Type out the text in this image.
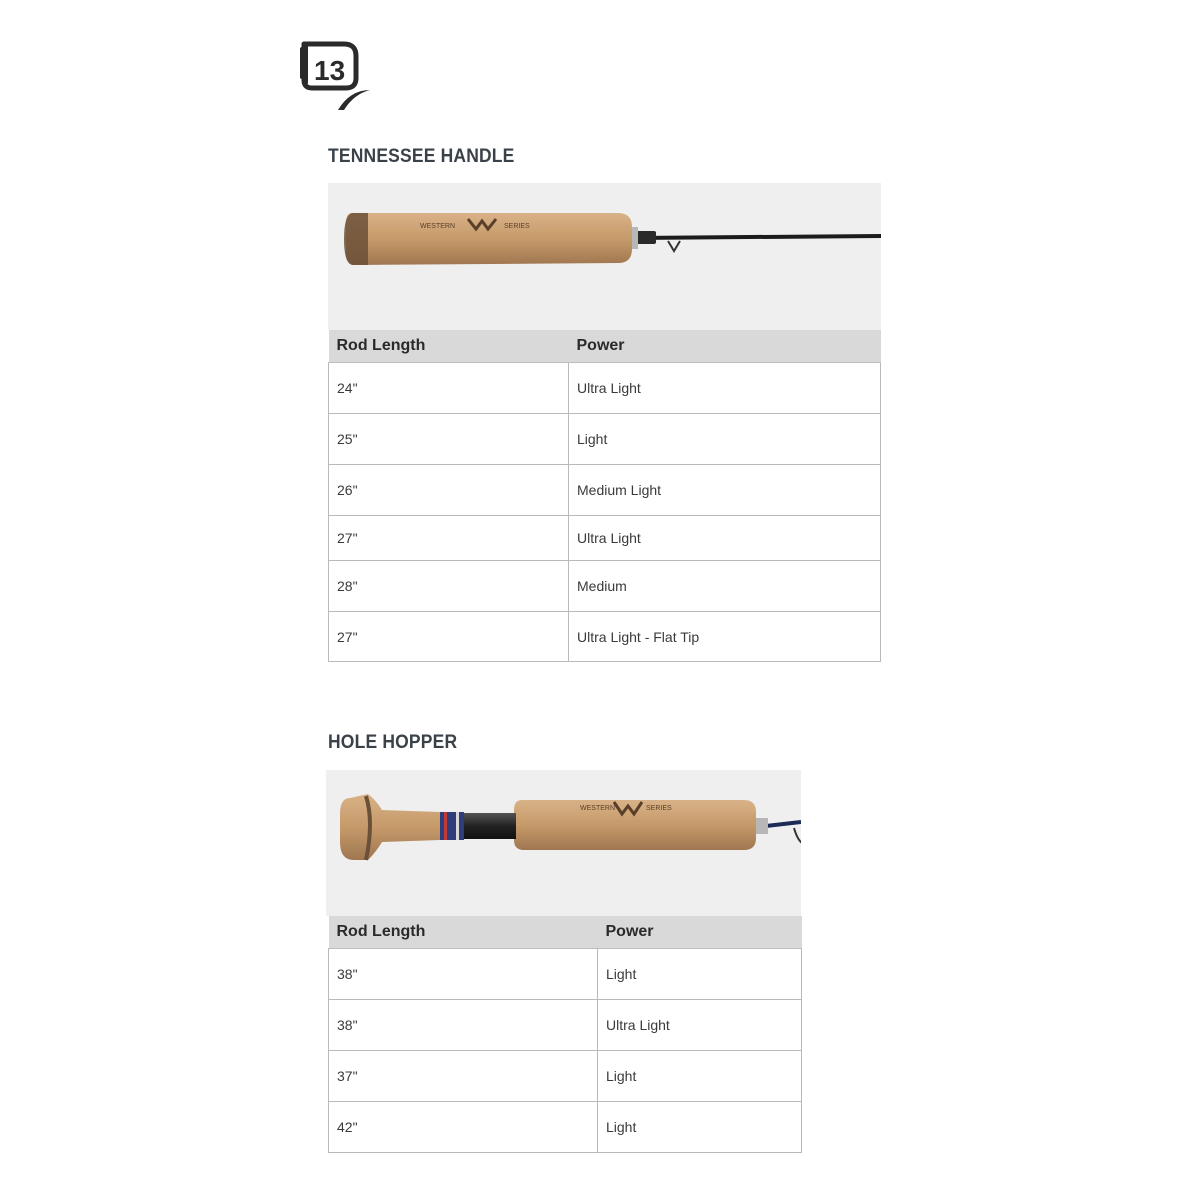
13
TENNESSEE HANDLE
WESTERN	SERIES
Rod Length	Power
24"	Ultra Light
25"	Light
26"	Medium Light
27"	Ultra Light
28"	Medium
27"	Ultra Light - Flat Tip
HOLE HOPPER
WESTERN	SERIES
Rod Length	Power
38"	Light
38"	Ultra Light
37"	Light
42"	Light
